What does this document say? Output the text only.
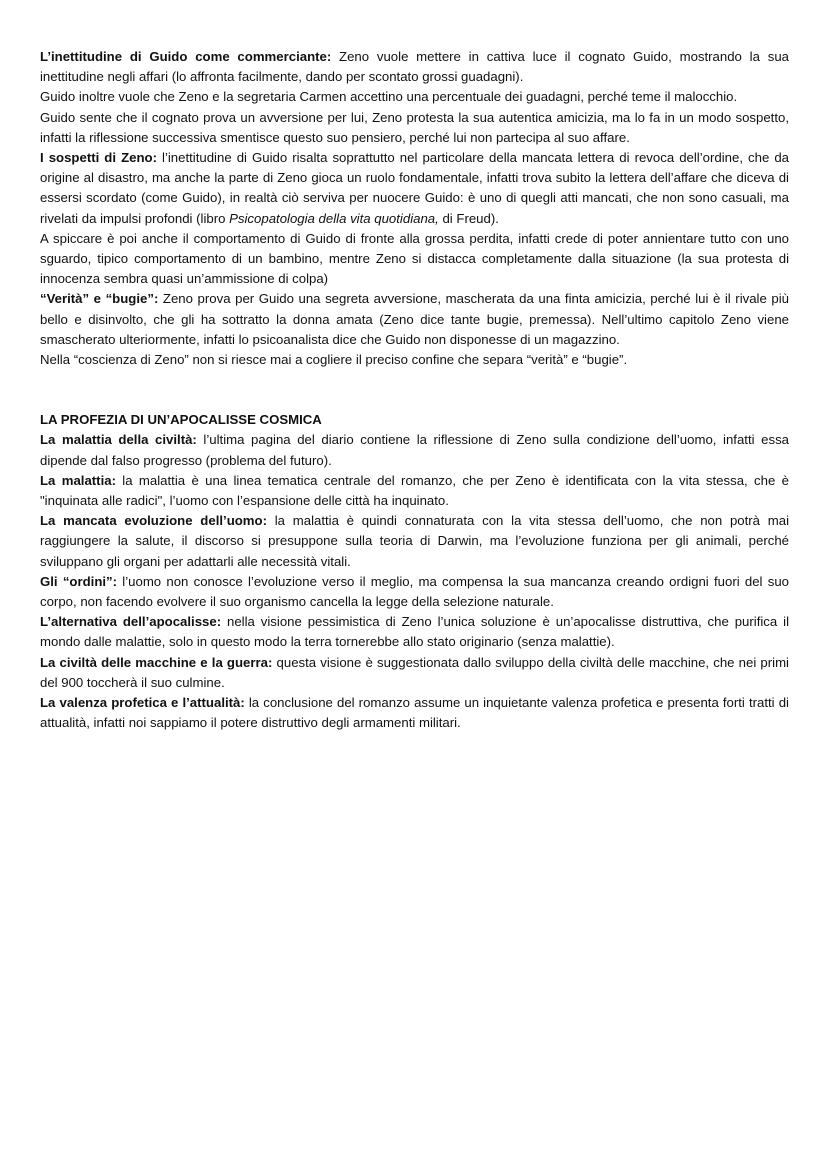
L’inettitudine di Guido come commerciante: Zeno vuole mettere in cattiva luce il cognato Guido, mostrando la sua inettitudine negli affari (lo affronta facilmente, dando per scontato grossi guadagni).

Guido inoltre vuole che Zeno e la segretaria Carmen accettino una percentuale dei guadagni, perché teme il malocchio.

Guido sente che il cognato prova un avversione per lui, Zeno protesta la sua autentica amicizia, ma lo fa in un modo sospetto, infatti la riflessione successiva smentisce questo suo pensiero, perché lui non partecipa al suo affare.

I sospetti di Zeno: l’inettitudine di Guido risalta soprattutto nel particolare della mancata lettera di revoca dell’ordine, che da origine al disastro, ma anche la parte di Zeno gioca un ruolo fondamentale, infatti trova subito la lettera dell’affare che diceva di essersi scordato (come Guido), in realtà ciò serviva per nuocere Guido: è uno di quegli atti mancati, che non sono casuali, ma rivelati da impulsi profondi (libro Psicopatologia della vita quotidiana, di Freud).

A spiccare è poi anche il comportamento di Guido di fronte alla grossa perdita, infatti crede di poter annientare tutto con uno sguardo, tipico comportamento di un bambino, mentre Zeno si distacca completamente dalla situazione (la sua protesta di innocenza sembra quasi un’ammissione di colpa)

“Verità” e “bugie”: Zeno prova per Guido una segreta avversione, mascherata da una finta amicizia, perché lui è il rivale più bello e disinvolto, che gli ha sottratto la donna amata (Zeno dice tante bugie, premessa). Nell’ultimo capitolo Zeno viene smascherato ulteriormente, infatti lo psicoanalista dice che Guido non disponesse di un magazzino.

Nella “coscienza di Zeno” non si riesce mai a cogliere il preciso confine che separa “verità” e “bugie”.

LA PROFEZIA DI UN’APOCALISSE COSMICA

La malattia della civiltà: l’ultima pagina del diario contiene la riflessione di Zeno sulla condizione dell’uomo, infatti essa dipende dal falso progresso (problema del futuro).

La malattia: la malattia è una linea tematica centrale del romanzo, che per Zeno è identificata con la vita stessa, che è "inquinata alle radici", l’uomo con l’espansione delle città ha inquinato.

La mancata evoluzione dell’uomo: la malattia è quindi connaturata con la vita stessa dell’uomo, che non potrà mai raggiungere la salute, il discorso si presuppone sulla teoria di Darwin, ma l’evoluzione funziona per gli animali, perché sviluppano gli organi per adattarli alle necessità vitali.

Gli “ordini”: l’uomo non conosce l’evoluzione verso il meglio, ma compensa la sua mancanza creando ordigni fuori del suo corpo, non facendo evolvere il suo organismo cancella la legge della selezione naturale.

L’alternativa dell’apocalisse: nella visione pessimistica di Zeno l’unica soluzione è un’apocalisse distruttiva, che purifica il mondo dalle malattie, solo in questo modo la terra tornerebbe allo stato originario (senza malattie).

La civiltà delle macchine e la guerra: questa visione è suggestionata dallo sviluppo della civiltà delle macchine, che nei primi del 900 toccherà il suo culmine.

La valenza profetica e l’attualità: la conclusione del romanzo assume un inquietante valenza profetica e presenta forti tratti di attualità, infatti noi sappiamo il potere distruttivo degli armamenti militari.
